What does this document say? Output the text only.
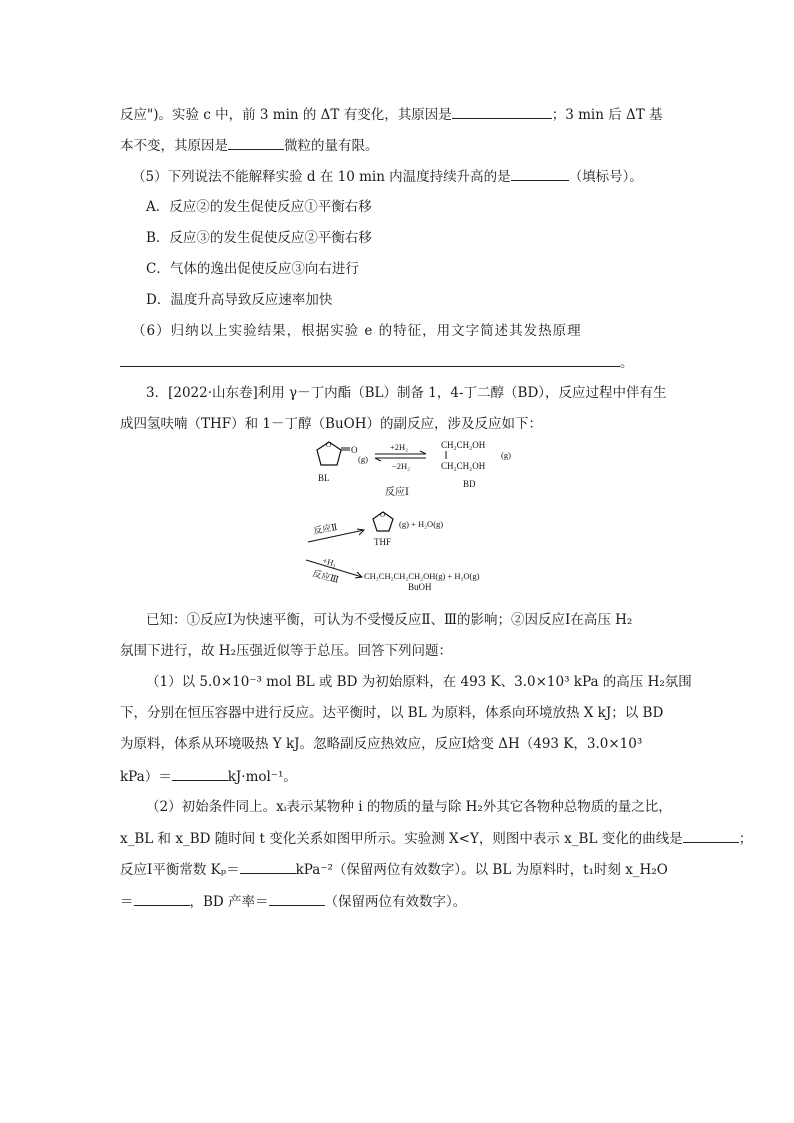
反应")。实验 c 中，前 3 min 的 ΔT 有变化，其原因是	；3 min 后 ΔT 基
本不变，其原因是	微粒的量有限。
（5）下列说法不能解释实验 d 在 10 min 内温度持续升高的是	（填标号）。
A．反应②的发生促使反应①平衡右移
B．反应③的发生促使反应②平衡右移
C．气体的逸出促使反应③向右进行
D．温度升高导致反应速率加快
（6）归纳以上实验结果，根据实验 e 的特征，用文字简述其发热原理
。
3．[2022·山东卷]利用 γ－丁内酯（BL）制备 1，4-丁二醇（BD），反应过程中伴有生
成四氢呋喃（THF）和 1－丁醇（BuOH）的副反应，涉及反应如下：
O O
(g)
BL
+2H₂
−2H₂
CH₂CH₂OH
CH₂CH₂OH
(g)
BD
反应Ⅰ
反应Ⅱ
O
(g) + H₂O(g)
THF
+H₂
反应Ⅲ	CH₃CH₂CH₂CH₂OH(g) + H₂O(g)
BuOH
已知：①反应Ⅰ为快速平衡，可认为不受慢反应Ⅱ、Ⅲ的影响；②因反应Ⅰ在高压 H₂
氛围下进行，故 H₂压强近似等于总压。回答下列问题：
（1）以 5.0×10⁻³ mol BL 或 BD 为初始原料，在 493 K、3.0×10³ kPa 的高压 H₂氛围
下，分别在恒压容器中进行反应。达平衡时，以 BL 为原料，体系向环境放热 X kJ；以 BD
为原料，体系从环境吸热 Y kJ。忽略副反应热效应，反应Ⅰ焓变 ΔH（493 K，3.0×10³
kPa）＝	kJ·mol⁻¹。
（2）初始条件同上。xᵢ表示某物种 i 的物质的量与除 H₂外其它各物种总物质的量之比，
x_BL 和 x_BD 随时间 t 变化关系如图甲所示。实验测 X<Y，则图中表示 x_BL 变化的曲线是	；
反应Ⅰ平衡常数 Kₚ＝	kPa⁻²（保留两位有效数字）。以 BL 为原料时，t₁时刻 x_H₂O
＝	，BD 产率＝	（保留两位有效数字）。
